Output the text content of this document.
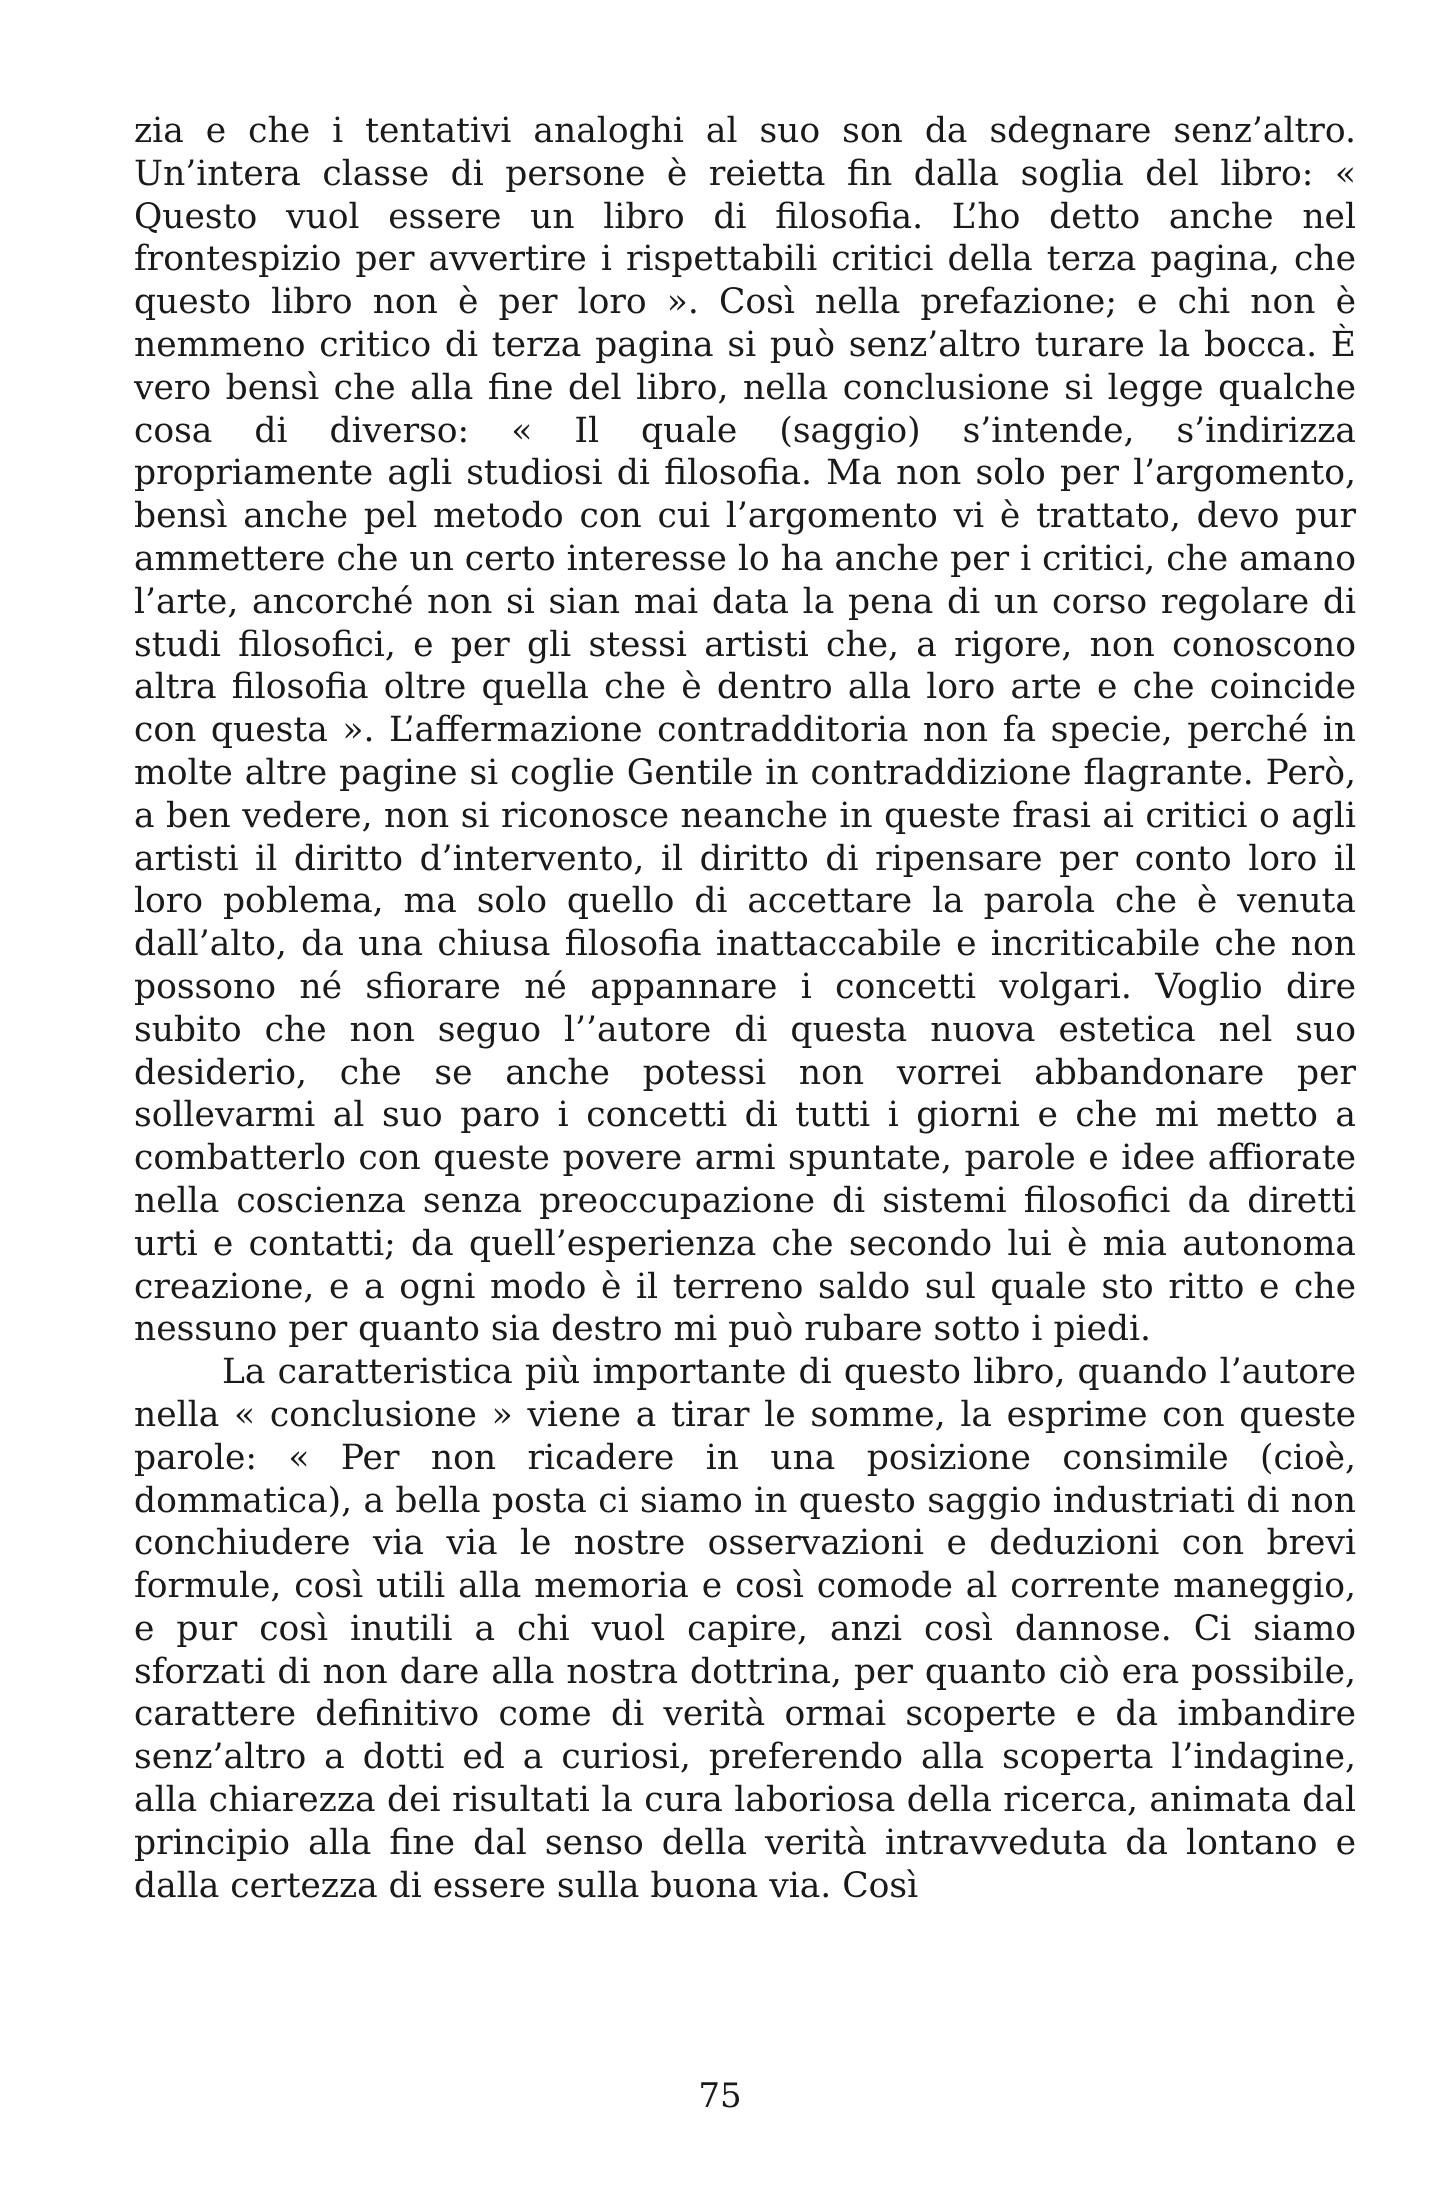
zia e che i tentativi analoghi al suo son da sdegnare senz’altro. Un’intera classe di persone è reietta fin dalla soglia del libro: « Questo vuol essere un libro di filosofia. L’ho detto anche nel frontespizio per avvertire i rispettabili critici della terza pagina, che questo libro non è per loro ». Così nella prefazione; e chi non è nemmeno critico di terza pagina si può senz’altro turare la bocca. È vero bensì che alla fine del libro, nella conclusione si legge qualche cosa di diverso: « Il quale (saggio) s’intende, s’indirizza propriamente agli studiosi di filosofia. Ma non solo per l’argomento, bensì anche pel metodo con cui l’argomento vi è trattato, devo pur ammettere che un certo interesse lo ha anche per i critici, che amano l’arte, ancorché non si sian mai data la pena di un corso regolare di studi filosofici, e per gli stessi artisti che, a rigore, non conoscono altra filosofia oltre quella che è dentro alla loro arte e che coincide con questa ». L’affermazione contradditoria non fa specie, perché in molte altre pagine si coglie Gentile in contraddizione flagrante. Però, a ben vedere, non si riconosce neanche in queste frasi ai critici o agli artisti il diritto d’intervento, il diritto di ripensare per conto loro il loro poblema, ma solo quello di accettare la parola che è venuta dall’alto, da una chiusa filosofia inattaccabile e incriticabile che non possono né sfiorare né appannare i concetti volgari. Voglio dire subito che non seguo l’’autore di questa nuova estetica nel suo desiderio, che se anche potessi non vorrei abbandonare per sollevarmi al suo paro i concetti di tutti i giorni e che mi metto a combatterlo con queste povere armi spuntate, parole e idee affiorate nella coscienza senza preoccupazione di sistemi filosofici da diretti urti e contatti; da quell’esperienza che secondo lui è mia autonoma creazione, e a ogni modo è il terreno saldo sul quale sto ritto e che nessuno per quanto sia destro mi può rubare sotto i piedi.

La caratteristica più importante di questo libro, quando l’autore nella « conclusione » viene a tirar le somme, la esprime con queste parole: « Per non ricadere in una posizione consimile (cioè, dommatica), a bella posta ci siamo in questo saggio industriati di non conchiudere via via le nostre osservazioni e deduzioni con brevi formule, così utili alla memoria e così comode al corrente maneggio, e pur così inutili a chi vuol capire, anzi così dannose. Ci siamo sforzati di non dare alla nostra dottrina, per quanto ciò era possibile, carattere definitivo come di verità ormai scoperte e da imbandire senz’altro a dotti ed a curiosi, preferendo alla scoperta l’indagine, alla chiarezza dei risultati la cura laboriosa della ricerca, animata dal principio alla fine dal senso della verità intravveduta da lontano e dalla certezza di essere sulla buona via. Così

75
